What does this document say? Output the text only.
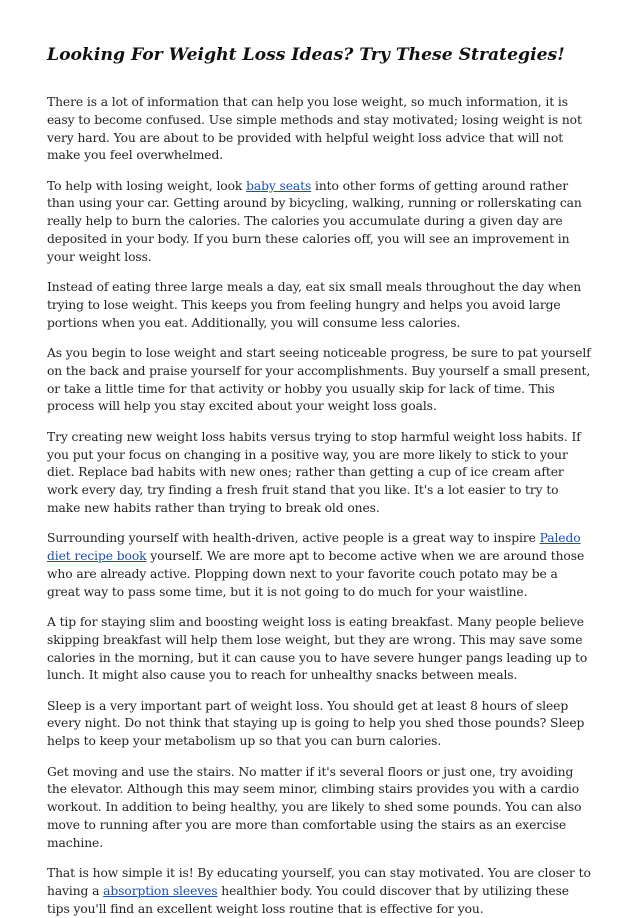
Looking For Weight Loss Ideas? Try These Strategies!

There is a lot of information that can help you lose weight, so much information, it is easy to become confused. Use simple methods and stay motivated; losing weight is not very hard. You are about to be provided with helpful weight loss advice that will not make you feel overwhelmed.

To help with losing weight, look baby seats into other forms of getting around rather than using your car. Getting around by bicycling, walking, running or rollerskating can really help to burn the calories. The calories you accumulate during a given day are deposited in your body. If you burn these calories off, you will see an improvement in your weight loss.

Instead of eating three large meals a day, eat six small meals throughout the day when trying to lose weight. This keeps you from feeling hungry and helps you avoid large portions when you eat. Additionally, you will consume less calories.

As you begin to lose weight and start seeing noticeable progress, be sure to pat yourself on the back and praise yourself for your accomplishments. Buy yourself a small present, or take a little time for that activity or hobby you usually skip for lack of time. This process will help you stay excited about your weight loss goals.

Try creating new weight loss habits versus trying to stop harmful weight loss habits. If you put your focus on changing in a positive way, you are more likely to stick to your diet. Replace bad habits with new ones; rather than getting a cup of ice cream after work every day, try finding a fresh fruit stand that you like. It's a lot easier to try to make new habits rather than trying to break old ones.

Surrounding yourself with health-driven, active people is a great way to inspire Paledo diet recipe book yourself. We are more apt to become active when we are around those who are already active. Plopping down next to your favorite couch potato may be a great way to pass some time, but it is not going to do much for your waistline.

A tip for staying slim and boosting weight loss is eating breakfast. Many people believe skipping breakfast will help them lose weight, but they are wrong. This may save some calories in the morning, but it can cause you to have severe hunger pangs leading up to lunch. It might also cause you to reach for unhealthy snacks between meals.

Sleep is a very important part of weight loss. You should get at least 8 hours of sleep every night. Do not think that staying up is going to help you shed those pounds? Sleep helps to keep your metabolism up so that you can burn calories.

Get moving and use the stairs. No matter if it's several floors or just one, try avoiding the elevator. Although this may seem minor, climbing stairs provides you with a cardio workout. In addition to being healthy, you are likely to shed some pounds. You can also move to running after you are more than comfortable using the stairs as an exercise machine.

That is how simple it is! By educating yourself, you can stay motivated. You are closer to having a absorption sleeves healthier body. You could discover that by utilizing these tips you'll find an excellent weight loss routine that is effective for you.
